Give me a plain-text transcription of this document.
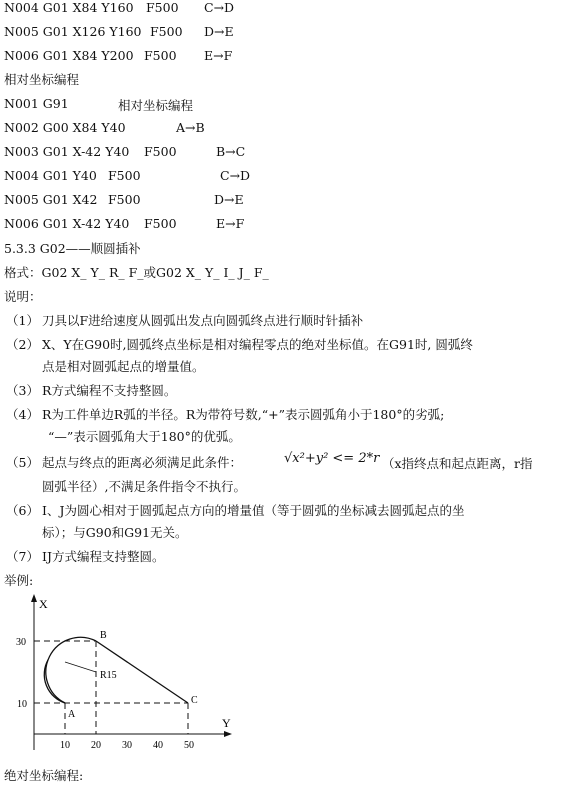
N004 G01 X84 Y160 F500 C→D
N005 G01 X126 Y160 F500 D→E
N006 G01 X84 Y200 F500 E→F
相对坐标编程
N001 G91	相对坐标编程
N002 G00 X84 Y40	A→B
N003 G01 X-42 Y40 F500	B→C
N004 G01 Y40 F500	C→D
N005 G01 X42 F500	D→E
N006 G01 X-42 Y40 F500	E→F
5.3.3 G02——顺圆插补
格式：G02 X_ Y_ R_ F_或G02 X_ Y_ I_ J_ F_
说明：
（1） 刀具以F进给速度从圆弧出发点向圆弧终点进行顺时针插补
（2） X、Y在G90时,圆弧终点坐标是相对编程零点的绝对坐标值。在G91时, 圆弧终
点是相对圆弧起点的增量值。
（3） R方式编程不支持整圆。
（4） R为工件单边R弧的半径。R为带符号数,“+”表示圆弧角小于180°的劣弧;
“—”表示圆弧角大于180°的优弧。
（5） 起点与终点的距离必须满足此条件：	√x²+y² <= 2*r （x指终点和起点距离，r指
圆弧半径）,不满足条件指令不执行。
（6） I、J为圆心相对于圆弧起点方向的增量值（等于圆弧的坐标减去圆弧起点的坐
标）；与G90和G91无关。
（7） IJ方式编程支持整圆。
举例:
X
Y
30
10
10 20 30 40 50
A
B
C
R15
绝对坐标编程:
